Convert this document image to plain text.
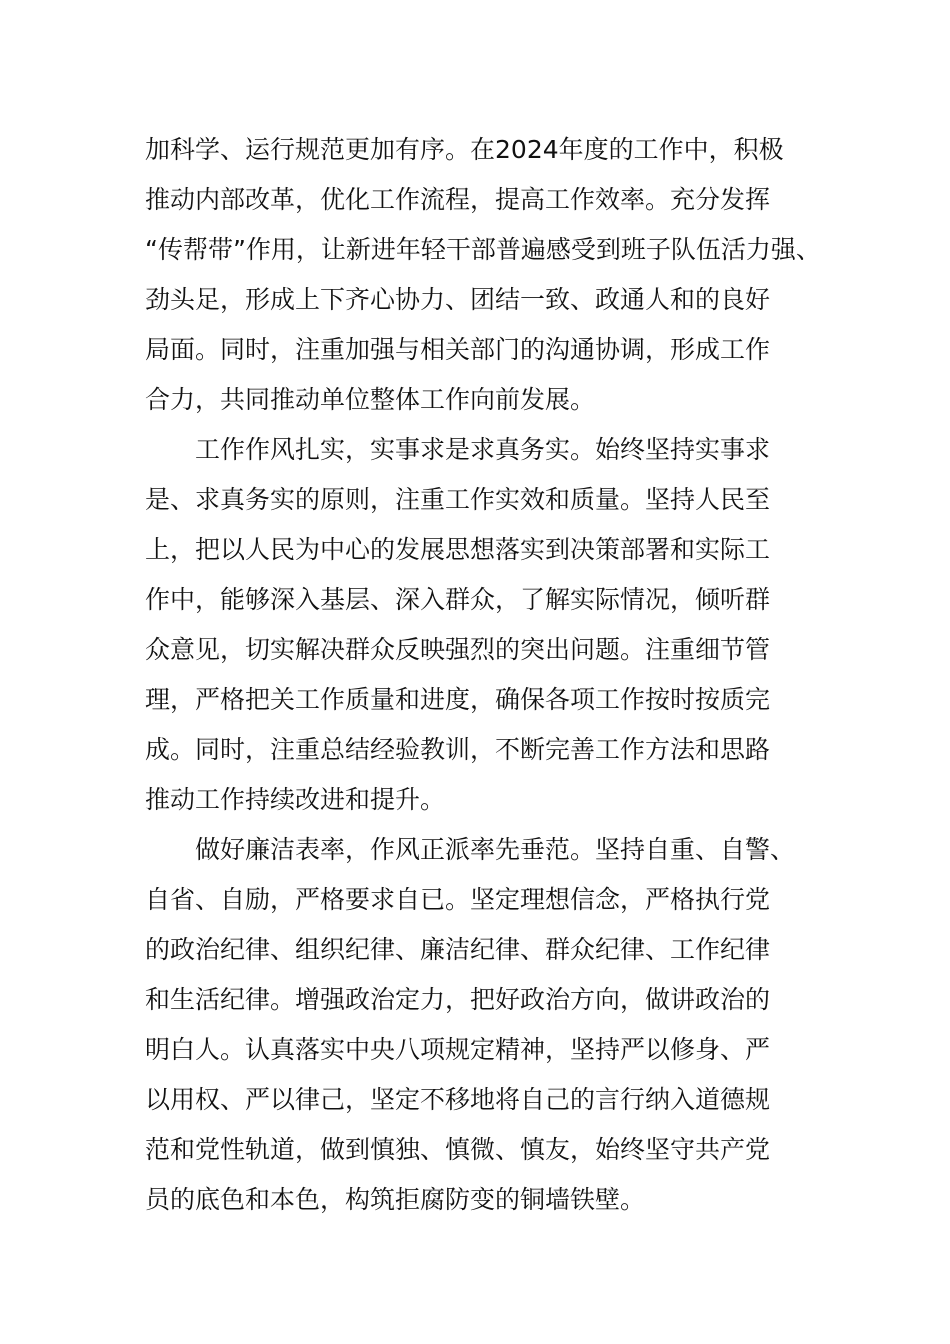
加科学、运行规范更加有序。在2024年度的工作中，积极
推动内部改革，优化工作流程，提高工作效率。充分发挥
“传帮带”作用，让新进年轻干部普遍感受到班子队伍活力强、
劲头足，形成上下齐心协力、团结一致、政通人和的良好
局面。同时，注重加强与相关部门的沟通协调，形成工作
合力，共同推动单位整体工作向前发展。
工作作风扎实，实事求是求真务实。始终坚持实事求
是、求真务实的原则，注重工作实效和质量。坚持人民至
上，把以人民为中心的发展思想落实到决策部署和实际工
作中，能够深入基层、深入群众，了解实际情况，倾听群
众意见，切实解决群众反映强烈的突出问题。注重细节管
理，严格把关工作质量和进度，确保各项工作按时按质完
成。同时，注重总结经验教训，不断完善工作方法和思路
推动工作持续改进和提升。
做好廉洁表率，作风正派率先垂范。坚持自重、自警、
自省、自励，严格要求自已。坚定理想信念，严格执行党
的政治纪律、组织纪律、廉洁纪律、群众纪律、工作纪律
和生活纪律。增强政治定力，把好政治方向，做讲政治的
明白人。认真落实中央八项规定精神，坚持严以修身、严
以用权、严以律己，坚定不移地将自己的言行纳入道德规
范和党性轨道，做到慎独、慎微、慎友，始终坚守共产党
员的底色和本色，构筑拒腐防变的铜墙铁壁。
